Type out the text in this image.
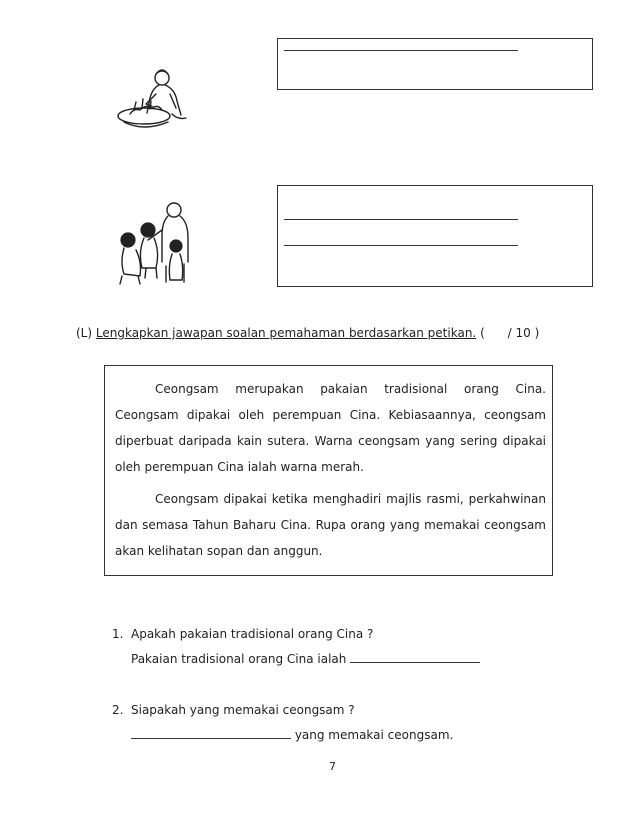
(L) Lengkapkan jawapan soalan pemahaman berdasarkan petikan. (      / 10 )

Ceongsam merupakan pakaian tradisional orang Cina. Ceongsam dipakai oleh perempuan Cina. Kebiasaannya, ceongsam diperbuat daripada kain sutera. Warna ceongsam yang sering dipakai oleh perempuan Cina ialah warna merah.

Ceongsam dipakai ketika menghadiri majlis rasmi, perkahwinan dan semasa Tahun Baharu Cina. Rupa orang yang memakai ceongsam akan kelihatan sopan dan anggun.

1. Apakah pakaian tradisional orang Cina ?
Pakaian tradisional orang Cina ialah
2. Siapakah yang memakai ceongsam ?
yang memakai ceongsam.
7
